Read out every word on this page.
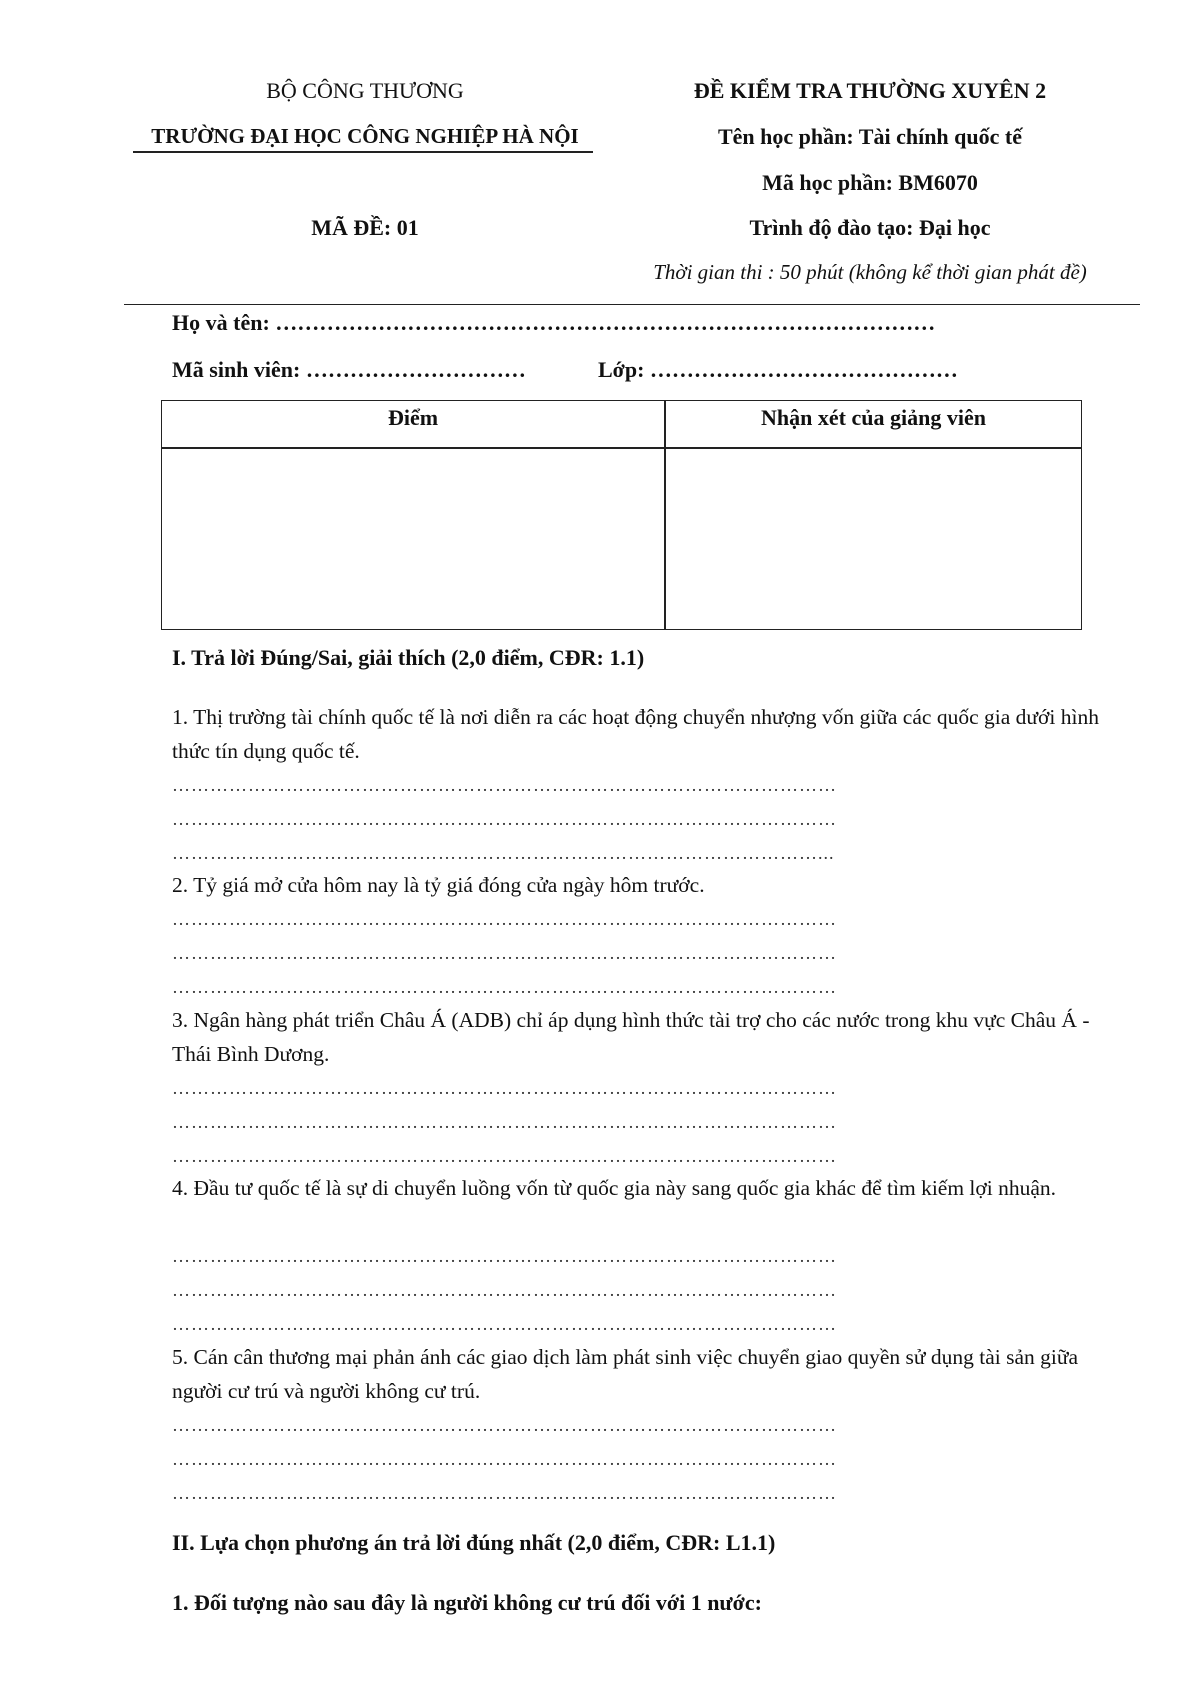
BỘ CÔNG THƯƠNG
TRƯỜNG ĐẠI HỌC CÔNG NGHIỆP HÀ NỘI
MÃ ĐỀ: 01
ĐỀ KIỂM TRA THƯỜNG XUYÊN 2
Tên học phần: Tài chính quốc tế
Mã học phần: BM6070
Trình độ đào tạo: Đại học
Thời gian thi : 50 phút (không kể thời gian phát đề)
Họ và tên: ………………………………………………………………………………
Mã sinh viên: …………………………	Lớp: ……………………………………
Điểm	Nhận xét của giảng viên
I. Trả lời Đúng/Sai, giải thích (2,0 điểm, CĐR: 1.1)
1. Thị trường tài chính quốc tế là nơi diễn ra các hoạt động chuyển nhượng vốn giữa các quốc gia dưới hình thức tín dụng quốc tế.
……………………………………………………………………………………………
……………………………………………………………………………………………
…………………………………………………………………………………………...
2. Tỷ giá mở cửa hôm nay là tỷ giá đóng cửa ngày hôm trước.
……………………………………………………………………………………………
……………………………………………………………………………………………
……………………………………………………………………………………………
3. Ngân hàng phát triển Châu Á (ADB) chỉ áp dụng hình thức tài trợ cho các nước trong khu vực Châu Á - Thái Bình Dương.
……………………………………………………………………………………………
……………………………………………………………………………………………
……………………………………………………………………………………………
4. Đầu tư quốc tế là sự di chuyển luồng vốn từ quốc gia này sang quốc gia khác để tìm kiếm lợi nhuận.
……………………………………………………………………………………………
……………………………………………………………………………………………
……………………………………………………………………………………………
5. Cán cân thương mại phản ánh các giao dịch làm phát sinh việc chuyển giao quyền sử dụng tài sản giữa người cư trú và người không cư trú.
……………………………………………………………………………………………
……………………………………………………………………………………………
……………………………………………………………………………………………
II. Lựa chọn phương án trả lời đúng nhất (2,0 điểm, CĐR: L1.1)
1. Đối tượng nào sau đây là người không cư trú đối với 1 nước:
